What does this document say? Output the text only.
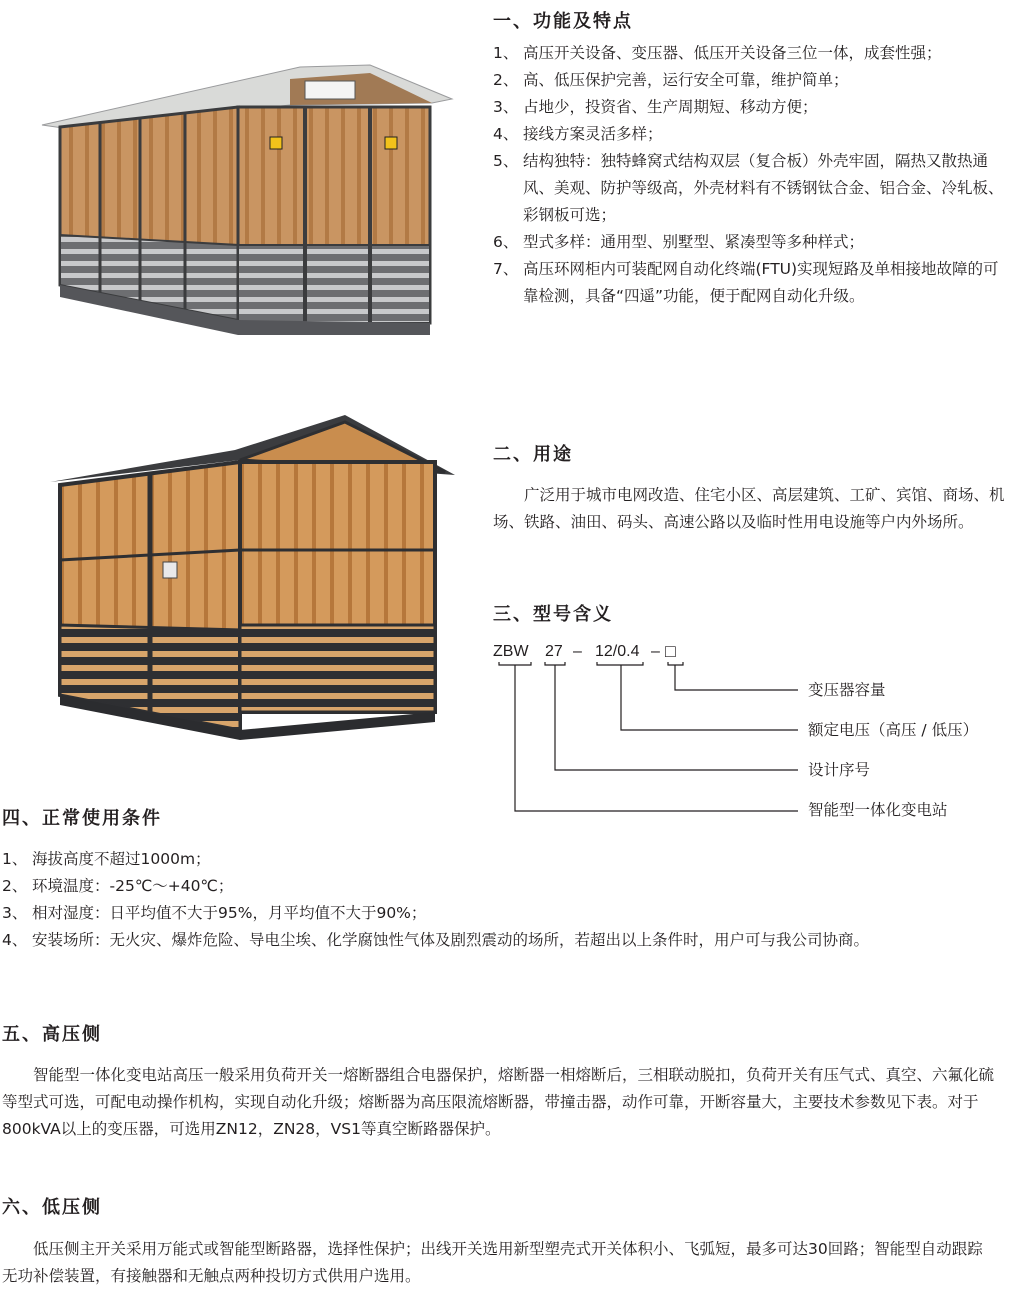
一、功能及特点
1、 高压开关设备、变压器、低压开关设备三位一体，成套性强；
2、 高、低压保护完善，运行安全可靠，维护简单；
3、 占地少，投资省、生产周期短、移动方便；
4、 接线方案灵活多样；
5、 结构独特：独特蜂窝式结构双层（复合板）外壳牢固，隔热又散热通风、美观、防护等级高，外壳材料有不锈钢钛合金、铝合金、冷轧板、彩钢板可选；
6、 型式多样：通用型、别墅型、紧凑型等多种样式；
7、 高压环网柜内可装配网自动化终端(FTU)实现短路及单相接地故障的可靠检测，具备“四遥”功能，便于配网自动化升级。
二、用途

广泛用于城市电网改造、住宅小区、高层建筑、工矿、宾馆、商场、机场、铁路、油田、码头、高速公路以及临时性用电设施等户内外场所。

三、型号含义
ZBW 27 – 12/0.4 – □
变压器容量
额定电压（高压 / 低压）
设计序号
智能型一体化变电站
四、正常使用条件
1、 海拔高度不超过1000m；
2、 环境温度：-25℃～+40℃；
3、 相对湿度：日平均值不大于95%，月平均值不大于90%；
4、 安装场所：无火灾、爆炸危险、导电尘埃、化学腐蚀性气体及剧烈震动的场所，若超出以上条件时，用户可与我公司协商。
五、高压侧

智能型一体化变电站高压一般采用负荷开关一熔断器组合电器保护，熔断器一相熔断后，三相联动脱扣，负荷开关有压气式、真空、六氟化硫等型式可选，可配电动操作机构，实现自动化升级；熔断器为高压限流熔断器，带撞击器，动作可靠，开断容量大，主要技术参数见下表。对于800kVA以上的变压器，可选用ZN12，ZN28，VS1等真空断路器保护。

六、低压侧

低压侧主开关采用万能式或智能型断路器，选择性保护；出线开关选用新型塑壳式开关体积小、飞弧短，最多可达30回路；智能型自动跟踪无功补偿装置，有接触器和无触点两种投切方式供用户选用。
